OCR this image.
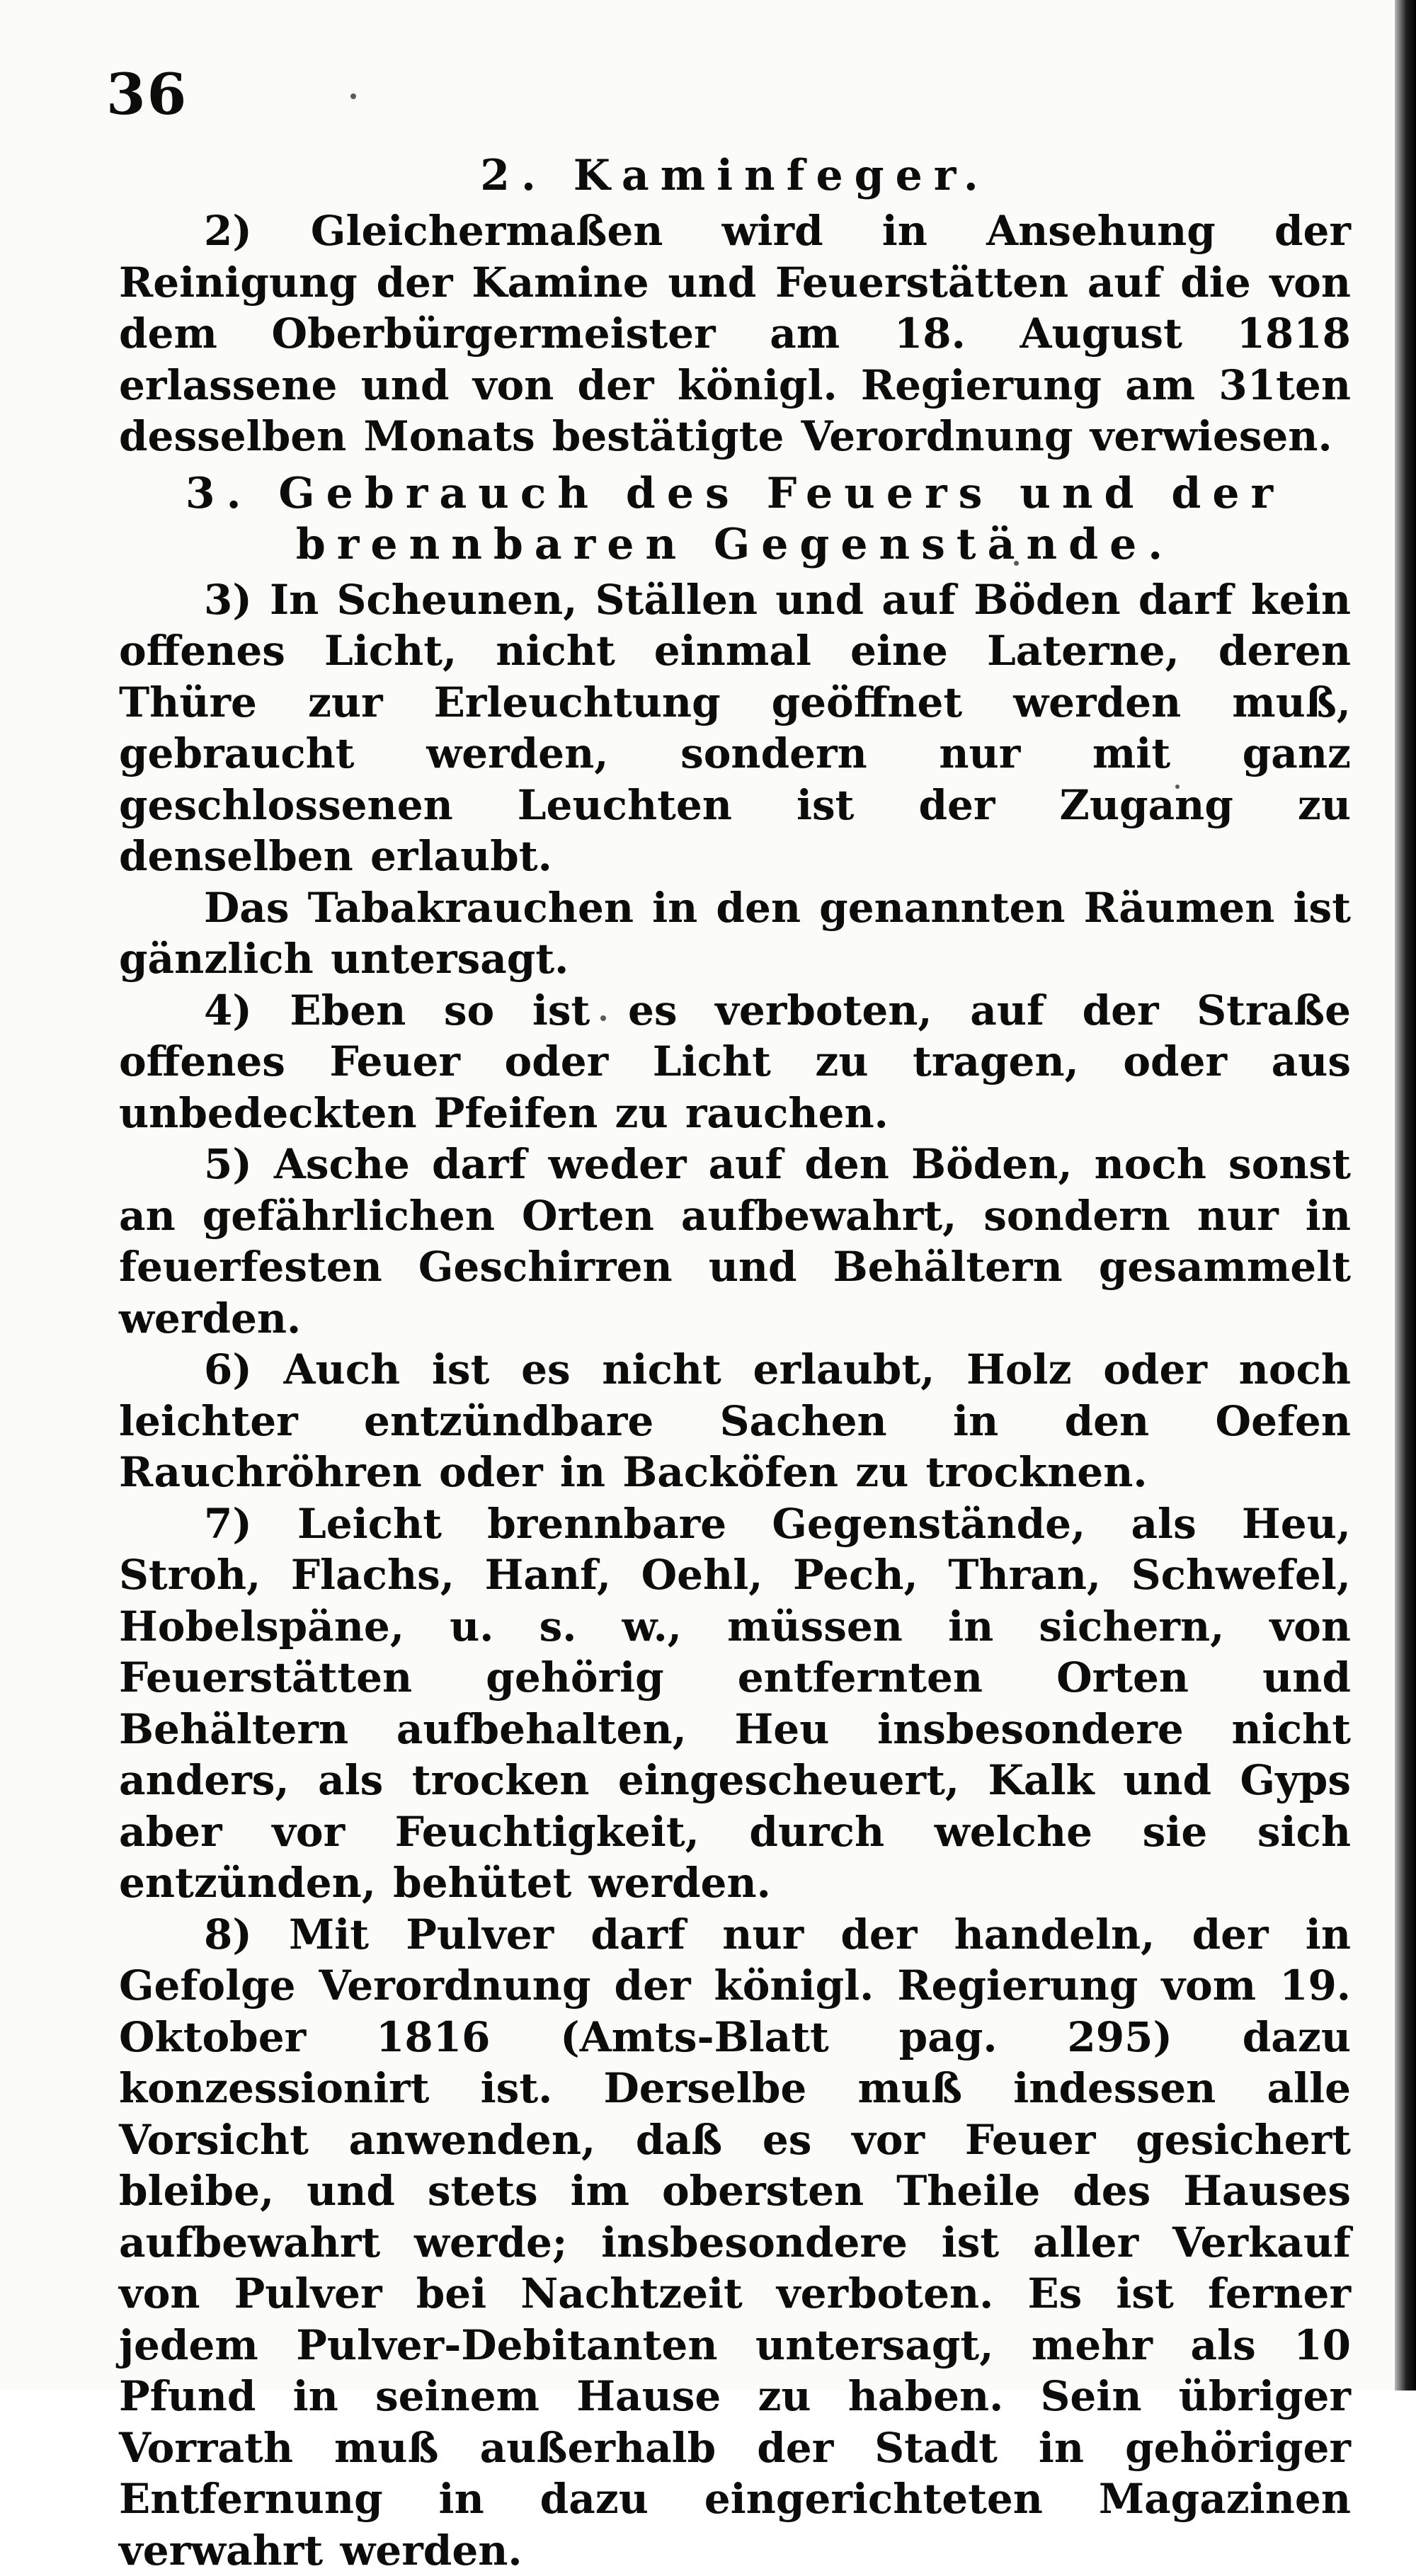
36
2. Kaminfeger.

2) Gleichermaßen wird in Ansehung der Reinigung der Kamine und Feuerstätten auf die von dem Oberbürgermeister am 18. August 1818 erlassene und von der königl. Regierung am 31ten desselben Monats bestätigte Verordnung verwiesen.

3. Gebrauch des Feuers und der brennbaren Gegenstände.

3) In Scheunen, Ställen und auf Böden darf kein offenes Licht, nicht einmal eine Laterne, deren Thüre zur Erleuchtung geöffnet werden muß, gebraucht werden, sondern nur mit ganz geschlossenen Leuchten ist der Zugang zu denselben erlaubt.

Das Tabakrauchen in den genannten Räumen ist gänzlich untersagt.

4) Eben so ist es verboten, auf der Straße offenes Feuer oder Licht zu tragen, oder aus unbedeckten Pfeifen zu rauchen.

5) Asche darf weder auf den Böden, noch sonst an gefährlichen Orten aufbewahrt, sondern nur in feuerfesten Geschirren und Behältern gesammelt werden.

6) Auch ist es nicht erlaubt, Holz oder noch leichter entzündbare Sachen in den Oefen Rauchröhren oder in Backöfen zu trocknen.

7) Leicht brennbare Gegenstände, als Heu, Stroh, Flachs, Hanf, Oehl, Pech, Thran, Schwefel, Hobelspäne, u. s. w., müssen in sichern, von Feuerstätten gehörig entfernten Orten und Behältern aufbehalten, Heu insbesondere nicht anders, als trocken eingescheuert, Kalk und Gyps aber vor Feuchtigkeit, durch welche sie sich entzünden, behütet werden.

8) Mit Pulver darf nur der handeln, der in Gefolge Verordnung der königl. Regierung vom 19. Oktober 1816 (Amts-Blatt pag. 295) dazu konzessionirt ist. Derselbe muß indessen alle Vorsicht anwenden, daß es vor Feuer gesichert bleibe, und stets im obersten Theile des Hauses aufbewahrt werde; insbesondere ist aller Verkauf von Pulver bei Nachtzeit verboten. Es ist ferner jedem Pulver-Debitanten untersagt, mehr als 10 Pfund in seinem Hause zu haben. Sein übriger Vorrath muß außerhalb der Stadt in gehöriger Entfernung in dazu eingerichteten Magazinen verwahrt werden.
